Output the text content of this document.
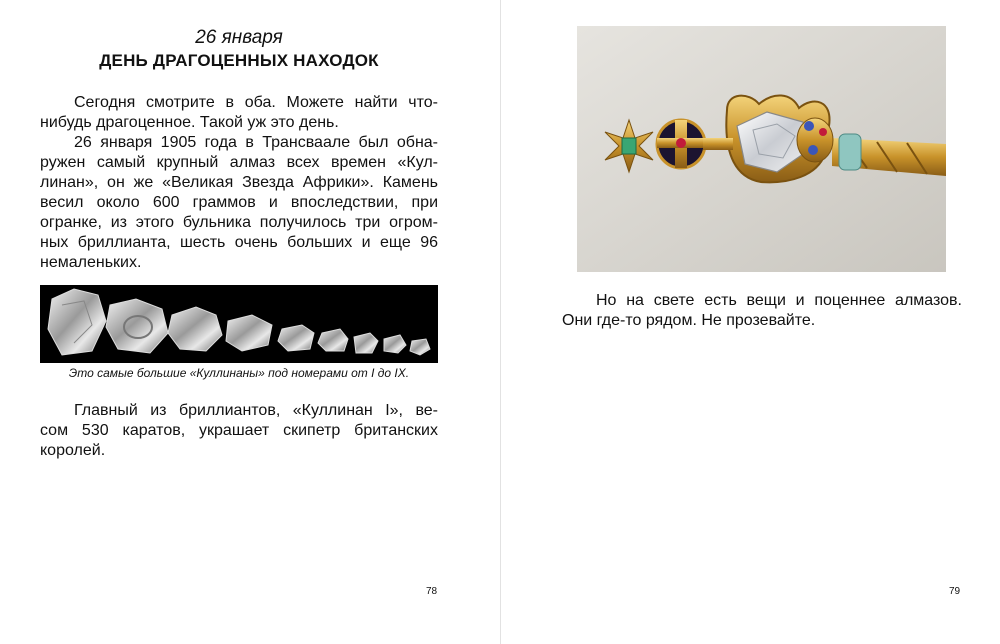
26 января
ДЕНЬ ДРАГОЦЕННЫХ НАХОДОК
Сегодня смотрите в оба. Можете найти что-
нибудь драгоценное. Такой уж это день.
26 января 1905 года в Трансваале был обна-
ружен самый крупный алмаз всех времен «Кул-
линан», он же «Великая Звезда Африки». Камень
весил около 600 граммов и впоследствии, при
огранке, из этого бульника получилось три огром-
ных бриллианта, шесть очень больших и еще 96
немаленьких.
Это самые большие «Куллинаны» под номерами от I до IX.
Главный из бриллиантов, «Куллинан I», ве-
сом 530 каратов, украшает скипетр британских
королей.
78
Но на свете есть вещи и поценнее алмазов.
Они где-то рядом. Не прозевайте.
79
